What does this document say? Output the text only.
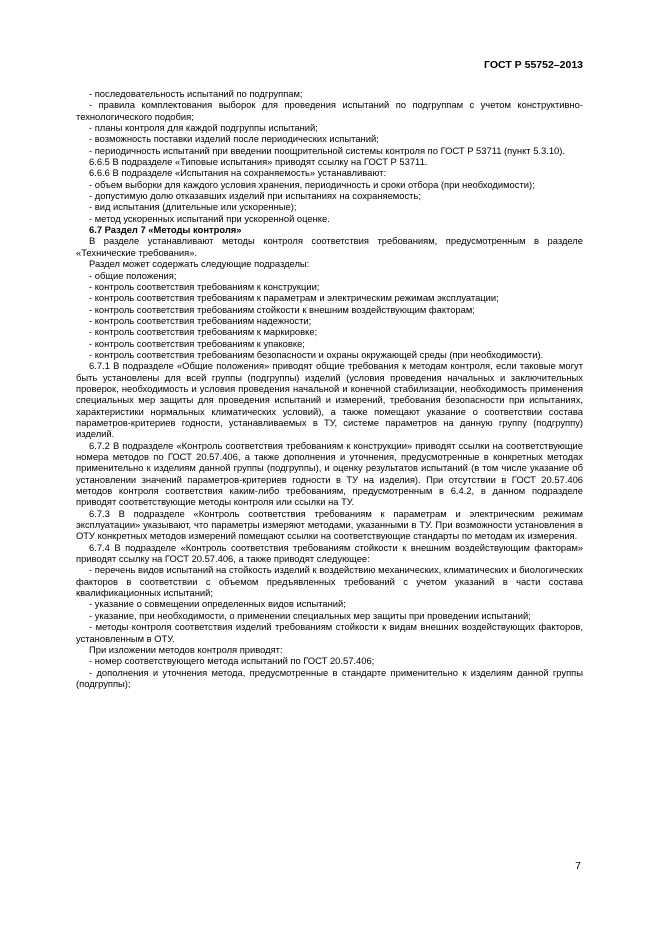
ГОСТ Р 55752–2013

- последовательность испытаний по подгруппам;

- правила комплектования выборок для проведения испытаний по подгруппам с учетом конструктивно-технологического подобия;

- планы контроля для каждой подгруппы испытаний;

- возможность поставки изделий после периодических испытаний;

- периодичность испытаний при введении поощрительной системы контроля по ГОСТ Р 53711 (пункт 5.3.10).

6.6.5 В подразделе «Типовые испытания» приводят ссылку на ГОСТ Р 53711.

6.6.6 В подразделе «Испытания на сохраняемость» устанавливают:

- объем выборки для каждого условия хранения, периодичность и сроки отбора (при необходимости);

- допустимую долю отказавших изделий при испытаниях на сохраняемость;

- вид испытания (длительные или ускоренные);

- метод ускоренных испытаний при ускоренной оценке.

6.7 Раздел 7 «Методы контроля»

В разделе устанавливают методы контроля соответствия требованиям, предусмотренным в разделе «Технические требования».

Раздел может содержать следующие подразделы:

- общие положения;

- контроль соответствия требованиям к конструкции;

- контроль соответствия требованиям к параметрам и электрическим режимам эксплуатации;

- контроль соответствия требованиям стойкости к внешним воздействующим факторам;

- контроль соответствия требованиям надежности;

- контроль соответствия требованиям к маркировке;

- контроль соответствия требованиям к упаковке;

- контроль соответствия требованиям безопасности и охраны окружающей среды (при необходимости).

6.7.1 В подразделе «Общие положения» приводят общие требования к методам контроля, если таковые могут быть установлены для всей группы (подгруппы) изделий (условия проведения начальных и заключительных проверок, необходимость и условия проведения начальной и конечной стабилизации, необходимость применения специальных мер защиты для проведения испытаний и измерений, требования безопасности при испытаниях, характеристики нормальных климатических условий), а также помещают указание о соответствии состава параметров-критериев годности, устанавливаемых в ТУ, системе параметров на данную группу (подгруппу) изделий.

6.7.2 В подразделе «Контроль соответствия требованиям к конструкции» приводят ссылки на соответствующие номера методов по ГОСТ 20.57.406, а также дополнения и уточнения, предусмотренные в конкретных методах применительно к изделиям данной группы (подгруппы), и оценку результатов испытаний (в том числе указание об установлении значений параметров-критериев годности в ТУ на изделия). При отсутствии в ГОСТ 20.57.406 методов контроля соответствия каким-либо требованиям, предусмотренным в 6.4.2, в данном подразделе приводят соответствующие методы контроля или ссылки на ТУ.

6.7.3 В подразделе «Контроль соответствия требованиям к параметрам и электрическим режимам эксплуатации» указывают, что параметры измеряют методами, указанными в ТУ. При возможности установления в ОТУ конкретных методов измерений помещают ссылки на соответствующие стандарты по методам их измерения.

6.7.4 В подразделе «Контроль соответствия требованиям стойкости к внешним воздействующим факторам» приводят ссылку на ГОСТ 20.57.406, а также приводят следующее:

- перечень видов испытаний на стойкость изделий к воздействию механических, климатических и биологических факторов в соответствии с объемом предъявленных требований с учетом указаний в части состава квалификационных испытаний;

- указание о совмещении определенных видов испытаний;

- указание, при необходимости, о применении специальных мер защиты при проведении испытаний;

- методы контроля соответствия изделий требованиям стойкости к видам внешних воздействующих факторов, установленным в ОТУ.

При изложении методов контроля приводят:

- номер соответствующего метода испытаний по ГОСТ 20.57.406;

- дополнения и уточнения метода, предусмотренные в стандарте применительно к изделиям данной группы (подгруппы);

7
